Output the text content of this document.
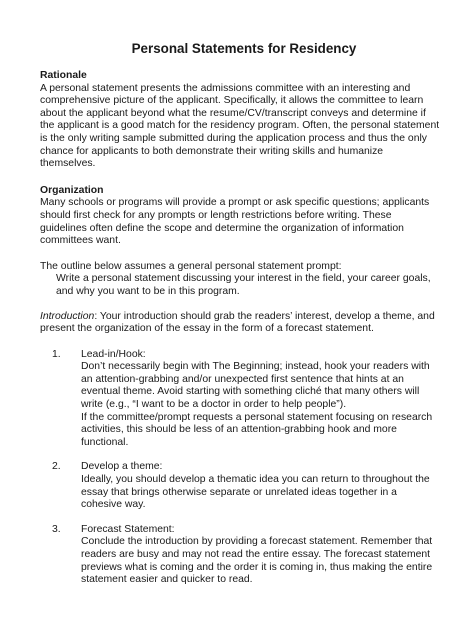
Personal Statements for Residency

Rationale

A personal statement presents the admissions committee with an interesting and comprehensive picture of the applicant. Specifically, it allows the committee to learn about the applicant beyond what the resume/CV/transcript conveys and determine if the applicant is a good match for the residency program. Often, the personal statement is the only writing sample submitted during the application process and thus the only chance for applicants to both demonstrate their writing skills and humanize themselves.

Organization

Many schools or programs will provide a prompt or ask specific questions; applicants should first check for any prompts or length restrictions before writing. These guidelines often define the scope and determine the organization of information committees want.

The outline below assumes a general personal statement prompt:

Write a personal statement discussing your interest in the field, your career goals, and why you want to be in this program.

Introduction: Your introduction should grab the readers’ interest, develop a theme, and present the organization of the essay in the form of a forecast statement.

1. Lead-in/Hook:

Don’t necessarily begin with The Beginning; instead, hook your readers with an attention-grabbing and/or unexpected first sentence that hints at an eventual theme. Avoid starting with something cliché that many others will write (e.g., “I want to be a doctor in order to help people”).

If the committee/prompt requests a personal statement focusing on research activities, this should be less of an attention-grabbing hook and more functional.

2. Develop a theme:

Ideally, you should develop a thematic idea you can return to throughout the essay that brings otherwise separate or unrelated ideas together in a cohesive way.

3. Forecast Statement:

Conclude the introduction by providing a forecast statement. Remember that readers are busy and may not read the entire essay. The forecast statement previews what is coming and the order it is coming in, thus making the entire statement easier and quicker to read.
